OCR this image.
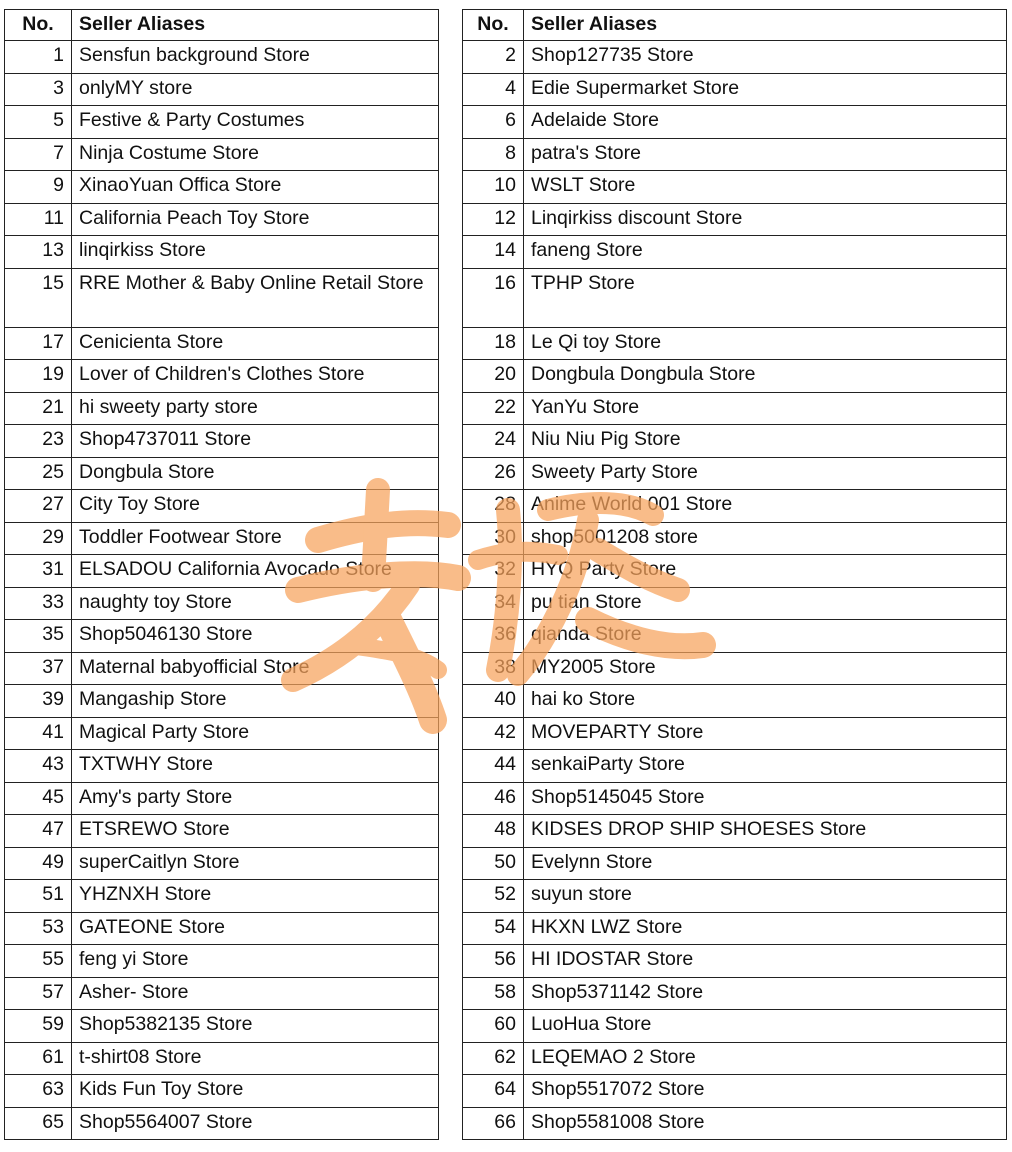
No.	Seller Aliases
1	Sensfun background Store
3	onlyMY store
5	Festive & Party Costumes
7	Ninja Costume Store
9	XinaoYuan Offica Store
11	California Peach Toy Store
13	linqirkiss Store
15	RRE Mother & Baby Online Retail Store
17	Cenicienta Store
19	Lover of Children's Clothes Store
21	hi sweety party store
23	Shop4737011 Store
25	Dongbula Store
27	City Toy Store
29	Toddler Footwear Store
31	ELSADOU California Avocado Store
33	naughty toy Store
35	Shop5046130 Store
37	Maternal babyofficial Store
39	Mangaship Store
41	Magical Party Store
43	TXTWHY Store
45	Amy's party Store
47	ETSREWO Store
49	superCaitlyn Store
51	YHZNXH Store
53	GATEONE Store
55	feng yi Store
57	Asher- Store
59	Shop5382135 Store
61	t-shirt08 Store
63	Kids Fun Toy Store
65	Shop5564007 Store
No.	Seller Aliases
2	Shop127735 Store
4	Edie Supermarket Store
6	Adelaide Store
8	patra's Store
10	WSLT Store
12	Linqirkiss discount Store
14	faneng Store
16	TPHP Store
18	Le Qi toy Store
20	Dongbula Dongbula Store
22	YanYu Store
24	Niu Niu Pig Store
26	Sweety Party Store
28	Anime World 001 Store
30	shop5001208 store
32	HYQ Party Store
34	pu tian Store
36	qianda Store
38	MY2005 Store
40	hai ko Store
42	MOVEPARTY Store
44	senkaiParty Store
46	Shop5145045 Store
48	KIDSES DROP SHIP SHOESES Store
50	Evelynn Store
52	suyun store
54	HKXN LWZ Store
56	HI IDOSTAR Store
58	Shop5371142 Store
60	LuoHua Store
62	LEQEMAO 2 Store
64	Shop5517072 Store
66	Shop5581008 Store
